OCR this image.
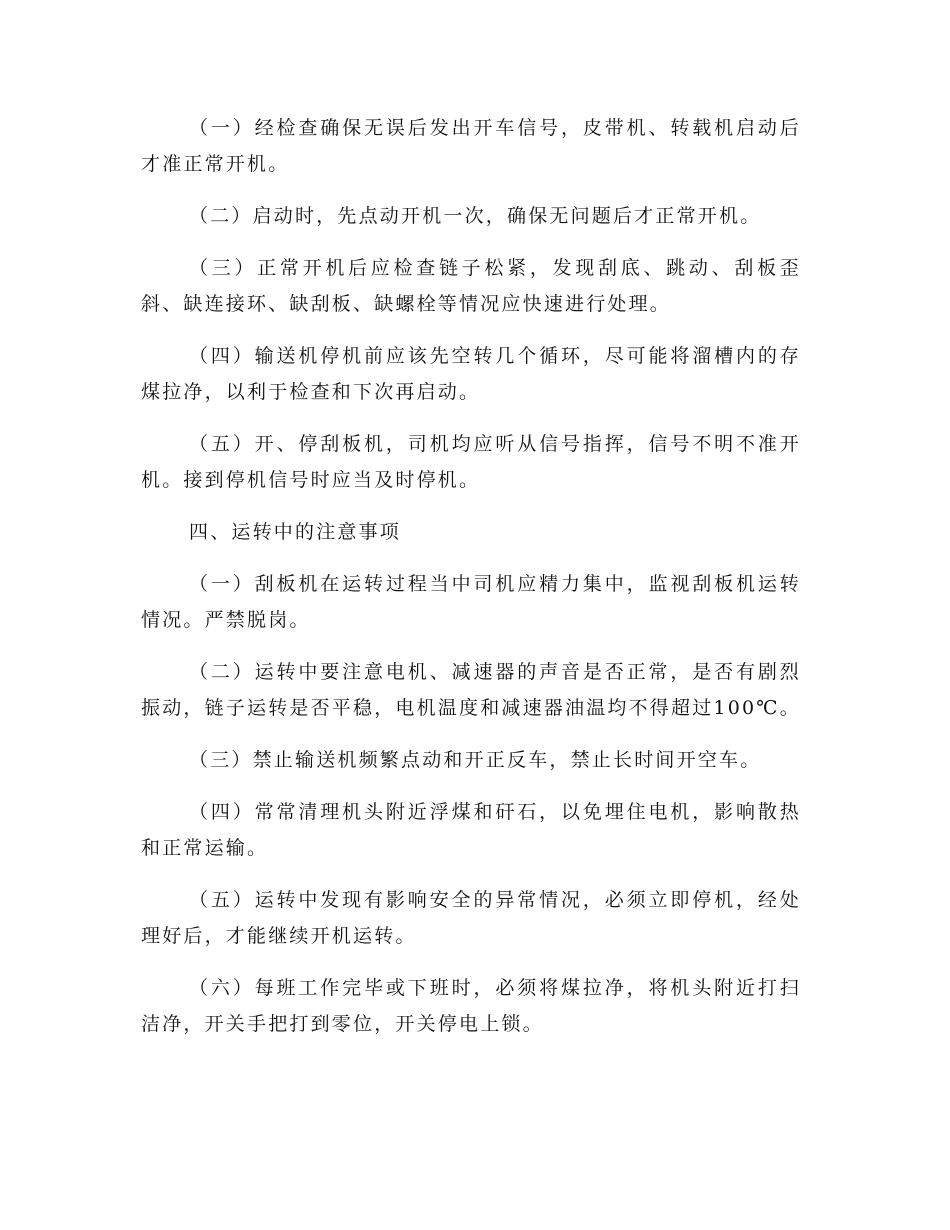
（一）经检查确保无误后发出开车信号，皮带机、转载机启动后才准正常开机。

（二）启动时，先点动开机一次，确保无问题后才正常开机。

（三）正常开机后应检查链子松紧，发现刮底、跳动、刮板歪斜、缺连接环、缺刮板、缺螺栓等情况应快速进行处理。

（四）输送机停机前应该先空转几个循环，尽可能将溜槽内的存煤拉净，以利于检查和下次再启动。

（五）开、停刮板机，司机均应听从信号指挥，信号不明不准开机。接到停机信号时应当及时停机。

四、运转中的注意事项

（一）刮板机在运转过程当中司机应精力集中，监视刮板机运转情况。严禁脱岗。

（二）运转中要注意电机、减速器的声音是否正常，是否有剧烈振动，链子运转是否平稳，电机温度和减速器油温均不得超过100℃。

（三）禁止输送机频繁点动和开正反车，禁止长时间开空车。

（四）常常清理机头附近浮煤和矸石，以免埋住电机，影响散热和正常运输。

（五）运转中发现有影响安全的异常情况，必须立即停机，经处理好后，才能继续开机运转。

（六）每班工作完毕或下班时，必须将煤拉净，将机头附近打扫洁净，开关手把打到零位，开关停电上锁。
